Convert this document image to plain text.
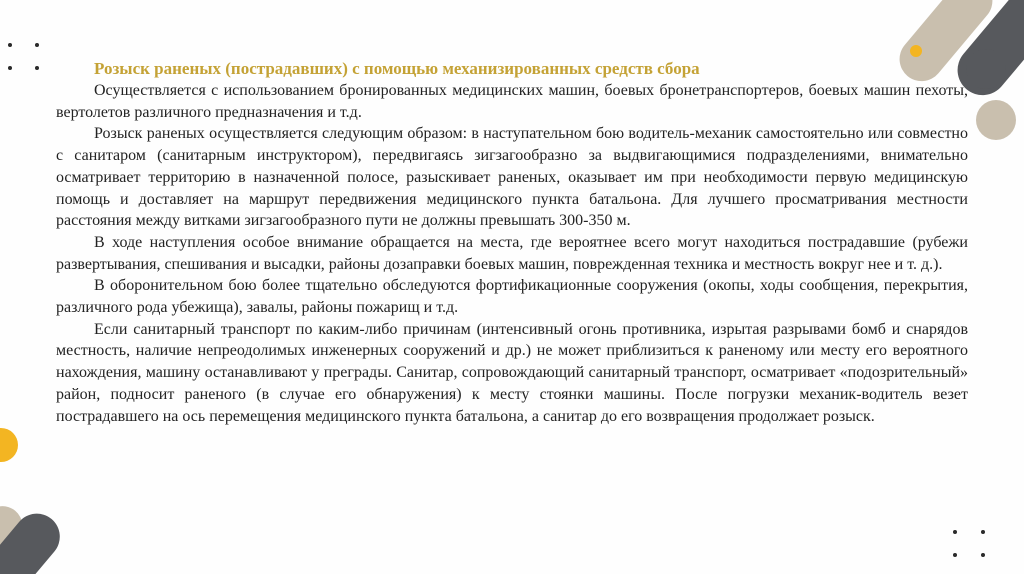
Розыск раненых (пострадавших) с помощью механизированных средств сбора

Осуществляется с использованием бронированных медицинских машин, боевых бронетранспортеров, боевых машин пехоты, вертолетов различного предназначения и т.д.

Розыск раненых осуществляется следующим образом: в наступательном бою водитель-механик самостоятельно или совместно с санитаром (санитарным инструктором), передвигаясь зигзагообразно за выдвигающимися подразделениями, внимательно осматривает территорию в назначенной полосе, разыскивает раненых, оказывает им при необходимости первую медицинскую помощь и доставляет на маршрут передвижения медицинского пункта батальона. Для лучшего просматривания местности расстояния между витками зигзагообразного пути не должны превышать 300-350 м.

В ходе наступления особое внимание обращается на места, где вероятнее всего могут находиться пострадавшие (рубежи развертывания, спешивания и высадки, районы дозаправки боевых машин, поврежденная техника и местность вокруг нее и т. д.).

В оборонительном бою более тщательно обследуются фортификационные сооружения (окопы, ходы сообщения, перекрытия, различного рода убежища), завалы, районы пожарищ и т.д.

Если санитарный транспорт по каким-либо причинам (интенсивный огонь противника, изрытая разрывами бомб и снарядов местность, наличие непреодолимых инженерных сооружений и др.) не может приблизиться к раненому или месту его вероятного нахождения, машину останавливают у преграды. Санитар, сопровождающий санитарный транспорт, осматривает «подозрительный» район, подносит раненого (в случае его обнаружения) к месту стоянки машины. После погрузки механик-водитель везет пострадавшего на ось перемещения медицинского пункта батальона, а санитар до его возвращения продолжает розыск.
